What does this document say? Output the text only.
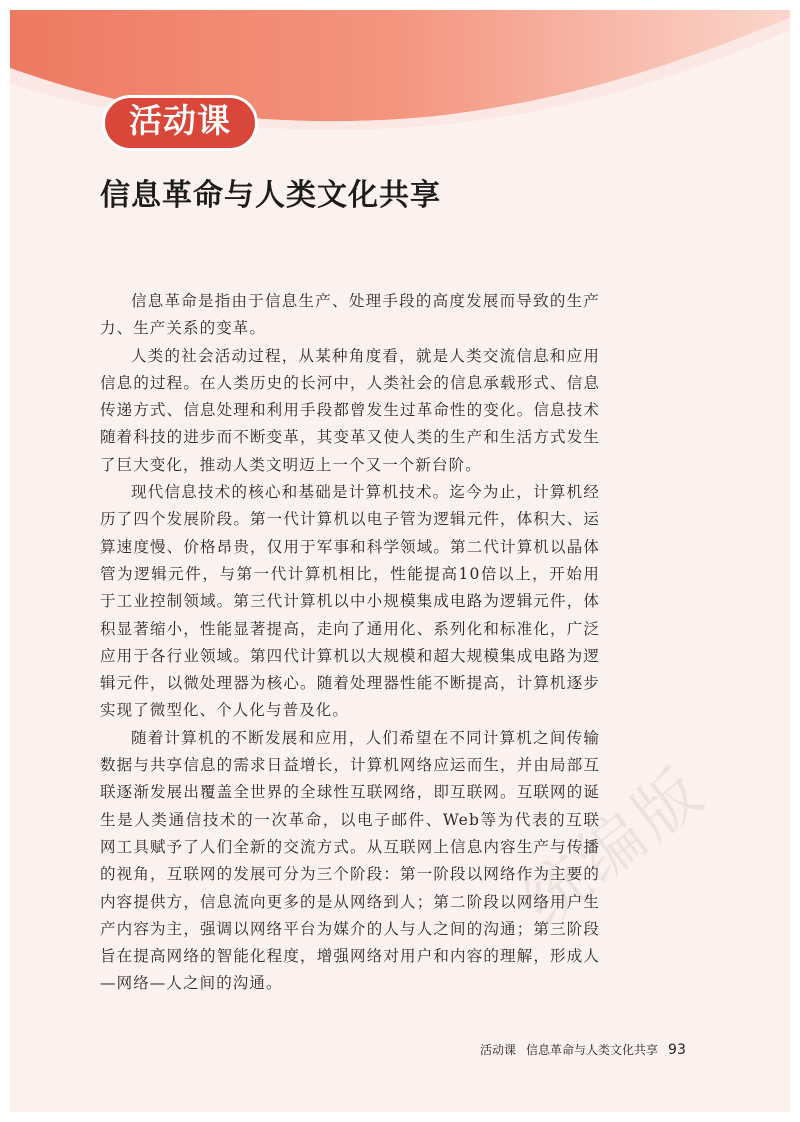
活动课
信息革命与人类文化共享

信息革命是指由于信息生产、处理手段的高度发展而导致的生产力、生产关系的变革。

人类的社会活动过程，从某种角度看，就是人类交流信息和应用信息的过程。在人类历史的长河中，人类社会的信息承载形式、信息传递方式、信息处理和利用手段都曾发生过革命性的变化。信息技术随着科技的进步而不断变革，其变革又使人类的生产和生活方式发生了巨大变化，推动人类文明迈上一个又一个新台阶。

现代信息技术的核心和基础是计算机技术。迄今为止，计算机经历了四个发展阶段。第一代计算机以电子管为逻辑元件，体积大、运算速度慢、价格昂贵，仅用于军事和科学领域。第二代计算机以晶体管为逻辑元件，与第一代计算机相比，性能提高10倍以上，开始用于工业控制领域。第三代计算机以中小规模集成电路为逻辑元件，体积显著缩小，性能显著提高，走向了通用化、系列化和标准化，广泛应用于各行业领域。第四代计算机以大规模和超大规模集成电路为逻辑元件，以微处理器为核心。随着处理器性能不断提高，计算机逐步实现了微型化、个人化与普及化。

随着计算机的不断发展和应用，人们希望在不同计算机之间传输数据与共享信息的需求日益增长，计算机网络应运而生，并由局部互联逐渐发展出覆盖全世界的全球性互联网络，即互联网。互联网的诞生是人类通信技术的一次革命，以电子邮件、Web等为代表的互联网工具赋予了人们全新的交流方式。从互联网上信息内容生产与传播的视角，互联网的发展可分为三个阶段：第一阶段以网络作为主要的内容提供方，信息流向更多的是从网络到人；第二阶段以网络用户生产内容为主，强调以网络平台为媒介的人与人之间的沟通；第三阶段旨在提高网络的智能化程度，增强网络对用户和内容的理解，形成人—网络—人之间的沟通。

统编版
活动课 信息革命与人类文化共享 93
